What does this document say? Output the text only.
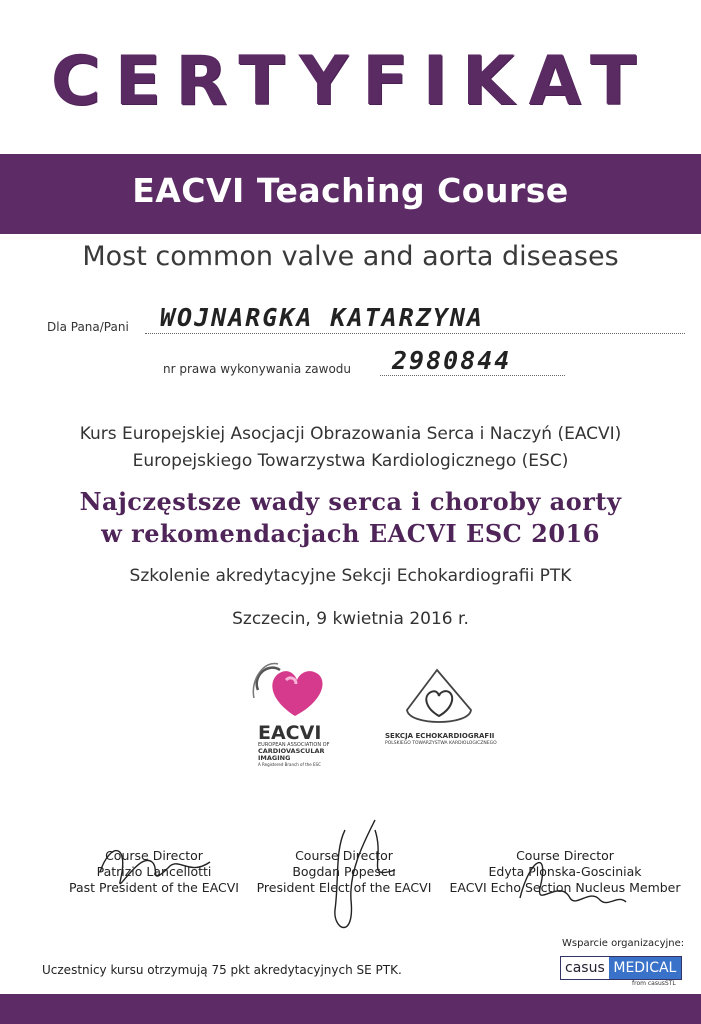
CERTYFIKAT
EACVI Teaching Course
Most common valve and aorta diseases
Dla Pana/Pani WOJNARGKA KATARZYNA
nr prawa wykonywania zawodu 2980844
Kurs Europejskiej Asocjacji Obrazowania Serca i Naczyń (EACVI)
Europejskiego Towarzystwa Kardiologicznego (ESC)
Najczęstsze wady serca i choroby aorty
w rekomendacjach EACVI ESC 2016
Szkolenie akredytacyjne Sekcji Echokardiografii PTK
Szczecin, 9 kwietnia 2016 r.
EACVI
EUROPEAN ASSOCIATION OF
CARDIOVASCULAR
IMAGING
A Registered Branch of the ESC
SEKCJA ECHOKARDIOGRAFII
POLSKIEGO TOWARZYSTWA KARDIOLOGICZNEGO
Course Director
Patrizio Lancellotti
Past President of the EACVI
Course Director
Bogdan Popescu
President Elect of the EACVI
Course Director
Edyta Plonska-Gosciniak
EACVI Echo Section Nucleus Member
Uczestnicy kursu otrzymują 75 pkt akredytacyjnych SE PTK.
Wsparcie organizacyjne:
casus MEDICAL
from casusSTL
